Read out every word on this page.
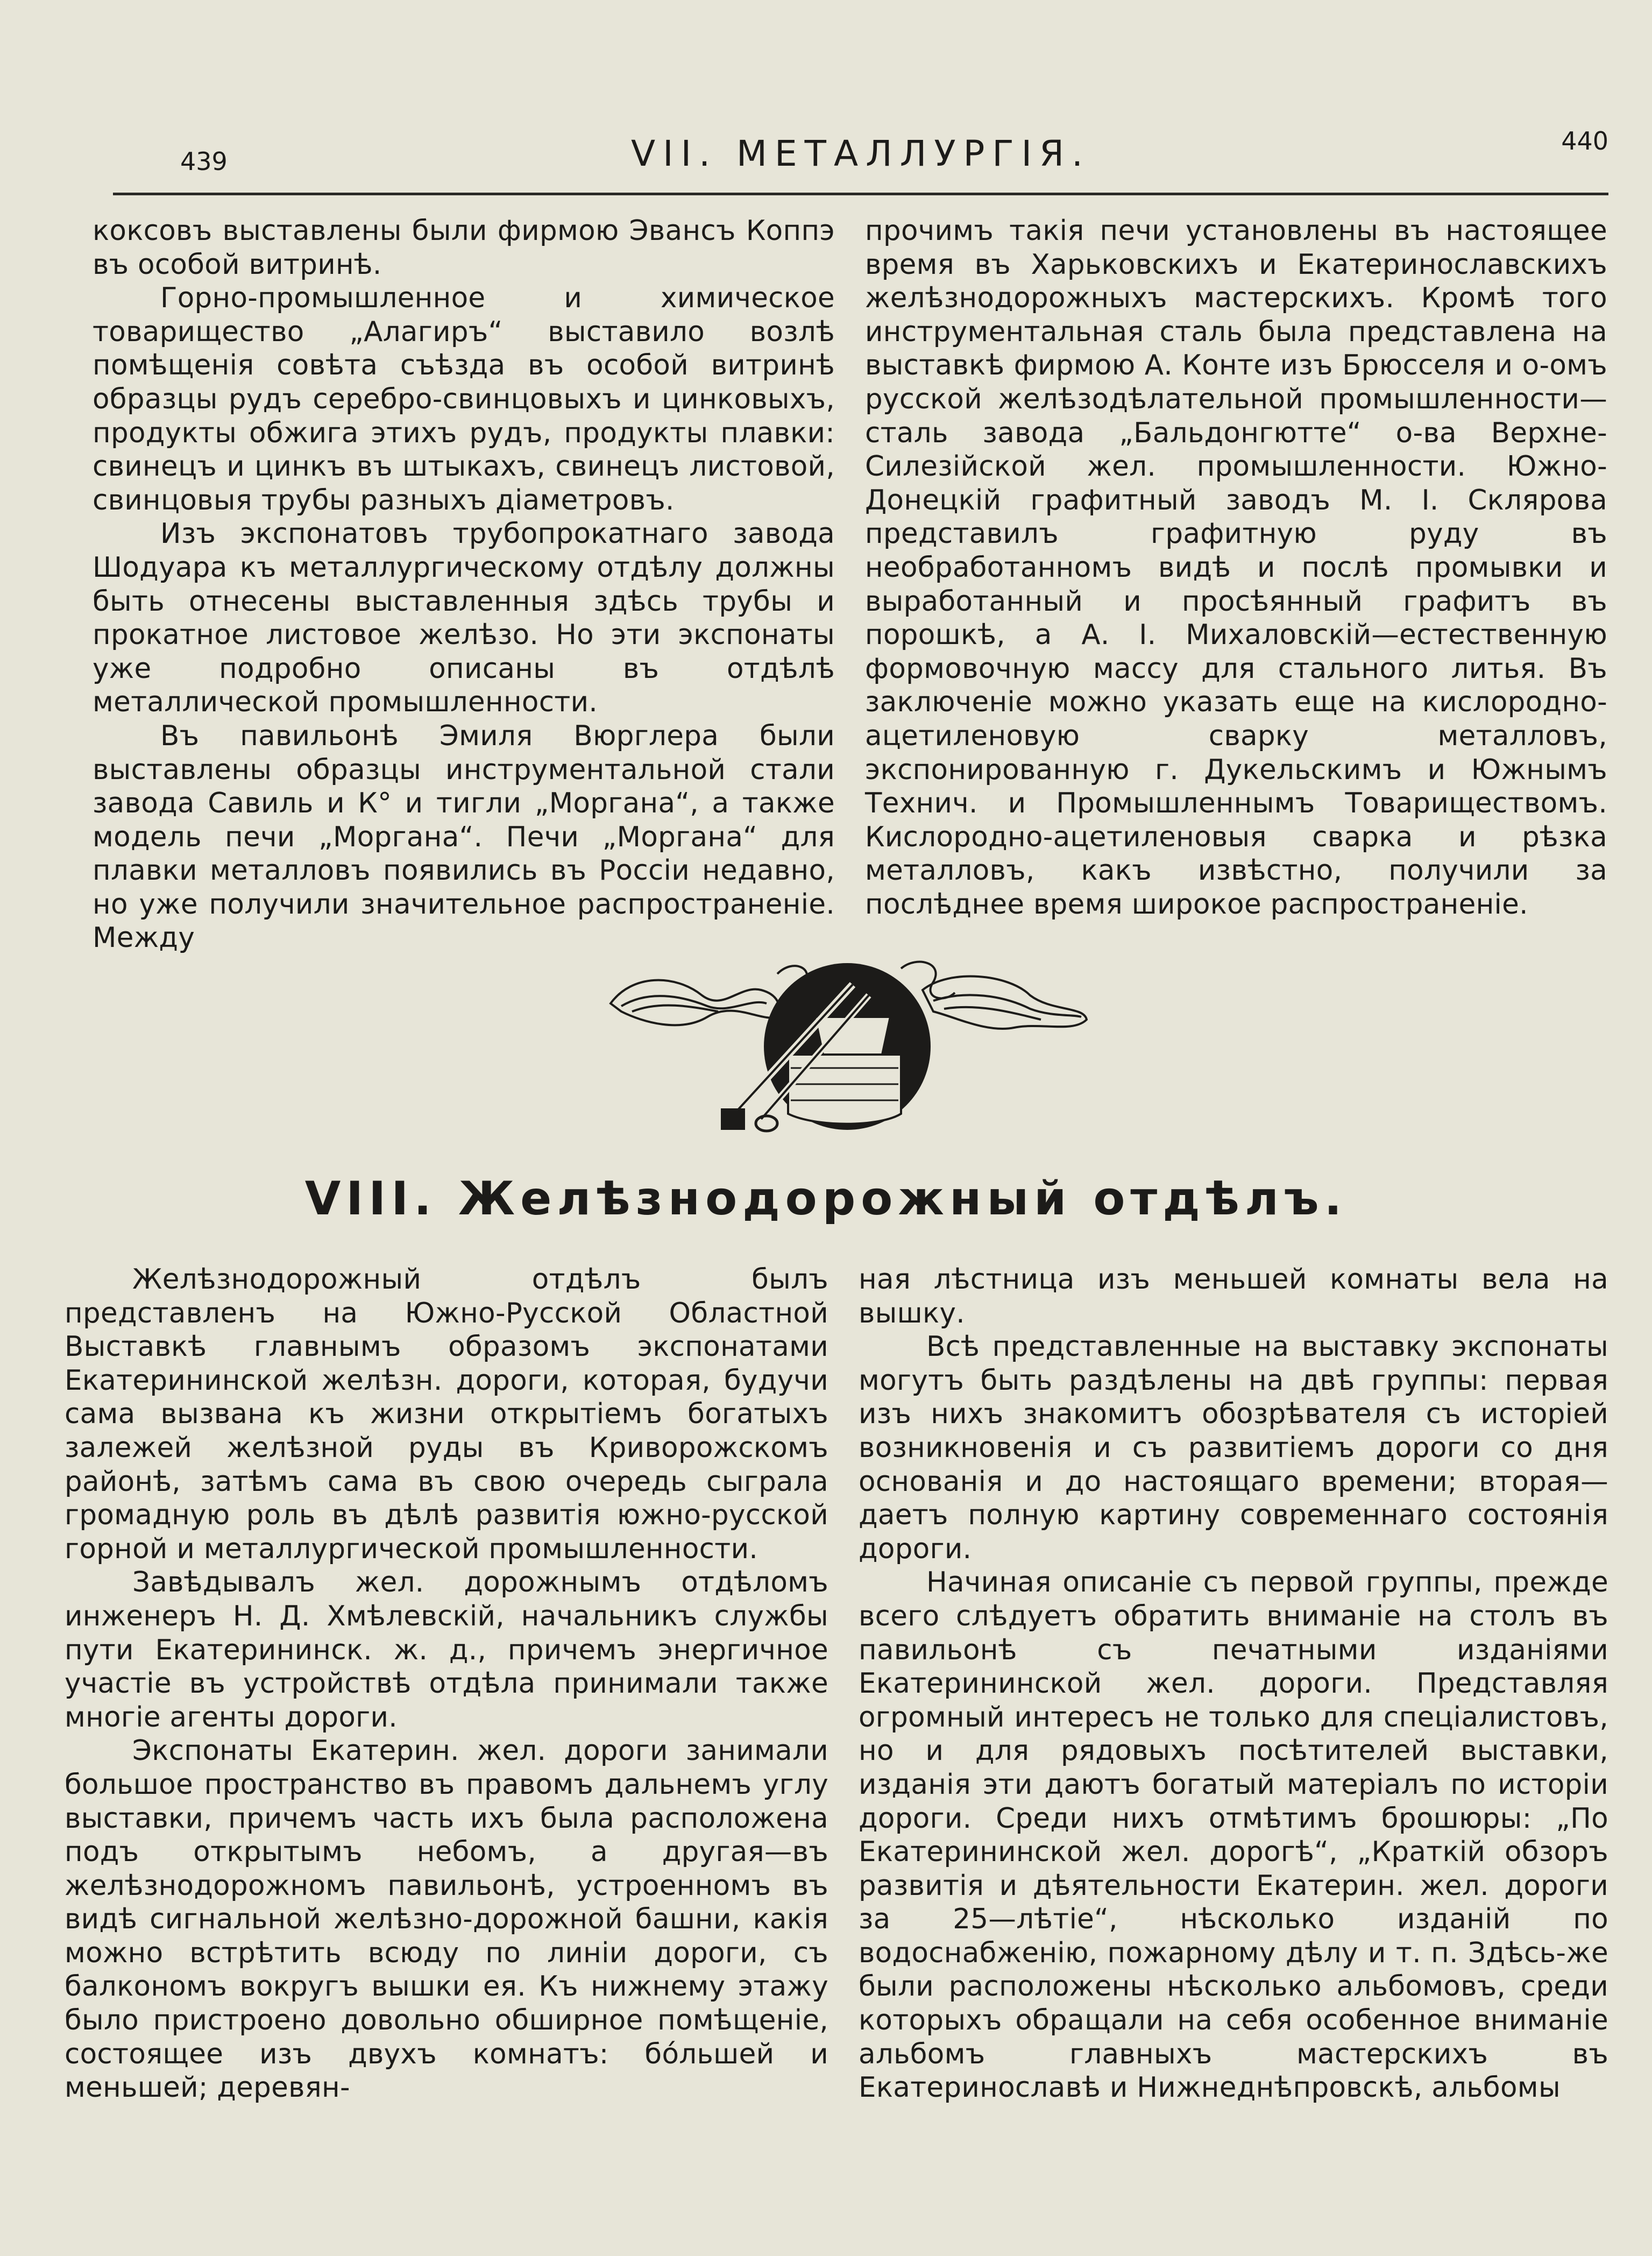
439	VII. МЕТАЛЛУРГІЯ.	440

коксовъ выставлены были фирмою Эвансъ Коппэ въ особой витринѣ.

Горно-промышленное и химическое товарищество „Алагиръ“ выставило возлѣ помѣщенія совѣта съѣзда въ особой витринѣ образцы рудъ серебро-свинцовыхъ и цинковыхъ, продукты обжига этихъ рудъ, продукты плавки: свинецъ и цинкъ въ штыкахъ, свинецъ листовой, свинцовыя трубы разныхъ діаметровъ.

Изъ экспонатовъ трубопрокатнаго завода Шодуара къ металлургическому отдѣлу должны быть отнесены выставленныя здѣсь трубы и прокатное листовое желѣзо. Но эти экспонаты уже подробно описаны въ отдѣлѣ металлической промышленности.

Въ павильонѣ Эмиля Вюрглера были выставлены образцы инструментальной стали завода Савиль и К° и тигли „Моргана“, а также модель печи „Моргана“. Печи „Моргана“ для плавки металловъ появились въ Россіи недавно, но уже получили значительное распространеніе. Между

прочимъ такія печи установлены въ настоящее время въ Харьковскихъ и Екатеринославскихъ желѣзнодорожныхъ мастерскихъ. Кромѣ того инструментальная сталь была представлена на выставкѣ фирмою А. Конте изъ Брюсселя и о-омъ русской желѣзодѣлательной промышленности—сталь завода „Бальдонгютте“ о-ва Верхне-Силезійской жел. промышленности. Южно-Донецкій графитный заводъ М. І. Склярова представилъ графитную руду въ необработанномъ видѣ и послѣ промывки и выработанный и просѣянный графитъ въ порошкѣ, а А. І. Михаловскій—естественную формовочную массу для стального литья. Въ заключеніе можно указать еще на кислородно-ацетиленовую сварку металловъ, экспонированную г. Дукельскимъ и Южнымъ Технич. и Промышленнымъ Товариществомъ. Кислородно-ацетиленовыя сварка и рѣзка металловъ, какъ извѣстно, получили за послѣднее время широкое распространеніе.

VIII. Желѣзнодорожный отдѣлъ.

Желѣзнодорожный отдѣлъ былъ представленъ на Южно-Русской Областной Выставкѣ главнымъ образомъ экспонатами Екатерининской желѣзн. дороги, которая, будучи сама вызвана къ жизни открытіемъ богатыхъ залежей желѣзной руды въ Криворожскомъ районѣ, затѣмъ сама въ свою очередь сыграла громадную роль въ дѣлѣ развитія южно-русской горной и металлургической промышленности.

Завѣдывалъ жел. дорожнымъ отдѣломъ инженеръ Н. Д. Хмѣлевскій, начальникъ службы пути Екатерининск. ж. д., причемъ энергичное участіе въ устройствѣ отдѣла принимали также многіе агенты дороги.

Экспонаты Екатерин. жел. дороги занимали большое пространство въ правомъ дальнемъ углу выставки, причемъ часть ихъ была расположена подъ открытымъ небомъ, а другая—въ желѣзнодорожномъ павильонѣ, устроенномъ въ видѣ сигнальной желѣзно-дорожной башни, какія можно встрѣтить всюду по линіи дороги, съ балкономъ вокругъ вышки ея. Къ нижнему этажу было пристроено довольно обширное помѣщеніе, состоящее изъ двухъ комнатъ: бóльшей и меньшей; деревян-

ная лѣстница изъ меньшей комнаты вела на вышку.

Всѣ представленные на выставку экспонаты могутъ быть раздѣлены на двѣ группы: первая изъ нихъ знакомитъ обозрѣвателя съ исторіей возникновенія и съ развитіемъ дороги со дня основанія и до настоящаго времени; вторая—даетъ полную картину современнаго состоянія дороги.

Начиная описаніе съ первой группы, прежде всего слѣдуетъ обратить вниманіе на столъ въ павильонѣ съ печатными изданіями Екатерининской жел. дороги. Представляя огромный интересъ не только для спеціалистовъ, но и для рядовыхъ посѣтителей выставки, изданія эти даютъ богатый матеріалъ по исторіи дороги. Среди нихъ отмѣтимъ брошюры: „По Екатерининской жел. дорогѣ“, „Краткій обзоръ развитія и дѣятельности Екатерин. жел. дороги за 25—лѣтіе“, нѣсколько изданій по водоснабженію, пожарному дѣлу и т. п. Здѣсь-же были расположены нѣсколько альбомовъ, среди которыхъ обращали на себя особенное вниманіе альбомъ главныхъ мастерскихъ въ Екатеринославѣ и Нижнеднѣпровскѣ, альбомы
